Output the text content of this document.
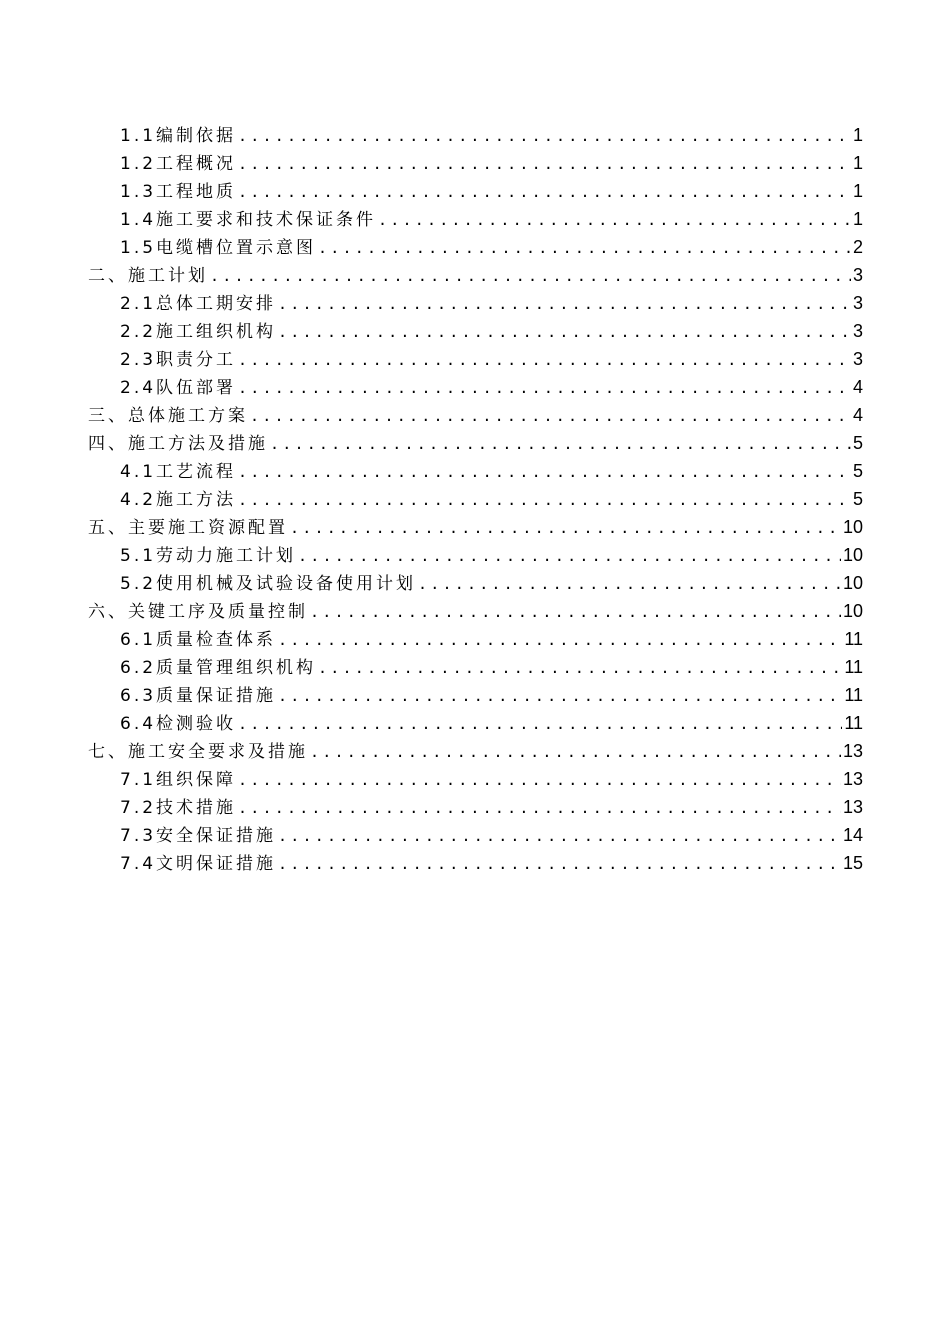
1.1编制依据 .....	1
1.2工程概况 .....	1
1.3工程地质 .....	1
1.4施工要求和技术保证条件 .....	1
1.5电缆槽位置示意图 .....	2
二、施工计划 .....	3
2.1总体工期安排 .....	3
2.2施工组织机构 .....	3
2.3职责分工 .....	3
2.4队伍部署 .....	4
三、总体施工方案 .....	4
四、施工方法及措施 .....	5
4.1工艺流程 .....	5
4.2施工方法 .....	5
五、主要施工资源配置 .....	10
5.1劳动力施工计划 .....	10
5.2使用机械及试验设备使用计划 .....	10
六、关键工序及质量控制 .....	10
6.1质量检查体系 .....	11
6.2质量管理组织机构 .....	11
6.3质量保证措施 .....	11
6.4检测验收 .....	11
七、施工安全要求及措施 .....	13
7.1组织保障 .....	13
7.2技术措施 .....	13
7.3安全保证措施 .....	14
7.4文明保证措施 .....	15
